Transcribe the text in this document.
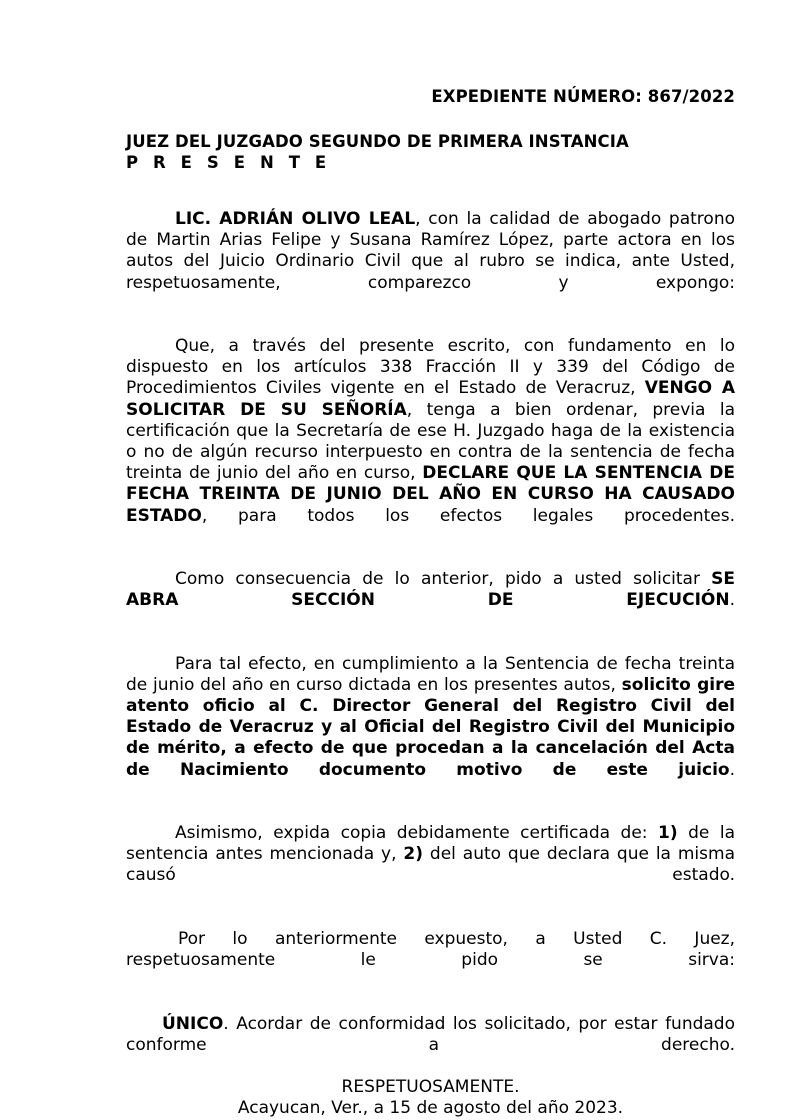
EXPEDIENTE NÚMERO: 867/2022
JUEZ DEL JUZGADO SEGUNDO DE PRIMERA INSTANCIA
P R E S E N T E

LIC. ADRIÁN OLIVO LEAL, con la calidad de abogado patrono de Martin Arias Felipe y Susana Ramírez López, parte actora en los autos del Juicio Ordinario Civil que al rubro se indica, ante Usted, respetuosamente, comparezco y expongo:

Que, a través del presente escrito, con fundamento en lo dispuesto en los artículos 338 Fracción II y 339 del Código de Procedimientos Civiles vigente en el Estado de Veracruz, VENGO A SOLICITAR DE SU SEÑORÍA, tenga a bien ordenar, previa la certificación que la Secretaría de ese H. Juzgado haga de la existencia o no de algún recurso interpuesto en contra de la sentencia de fecha treinta de junio del año en curso, DECLARE QUE LA SENTENCIA DE FECHA TREINTA DE JUNIO DEL AÑO EN CURSO HA CAUSADO ESTADO, para todos los efectos legales procedentes.

Como consecuencia de lo anterior, pido a usted solicitar SE ABRA SECCIÓN DE EJECUCIÓN.

Para tal efecto, en cumplimiento a la Sentencia de fecha treinta de junio del año en curso dictada en los presentes autos, solicito gire atento oficio al C. Director General del Registro Civil del Estado de Veracruz y al Oficial del Registro Civil del Municipio de mérito, a efecto de que procedan a la cancelación del Acta de Nacimiento documento motivo de este juicio.

Asimismo, expida copia debidamente certificada de: 1) de la sentencia antes mencionada y, 2) del auto que declara que la misma causó estado.

Por lo anteriormente expuesto, a Usted C. Juez, respetuosamente le pido se sirva:

ÚNICO. Acordar de conformidad los solicitado, por estar fundado conforme a derecho.

RESPETUOSAMENTE.
Acayucan, Ver., a 15 de agosto del año 2023.
